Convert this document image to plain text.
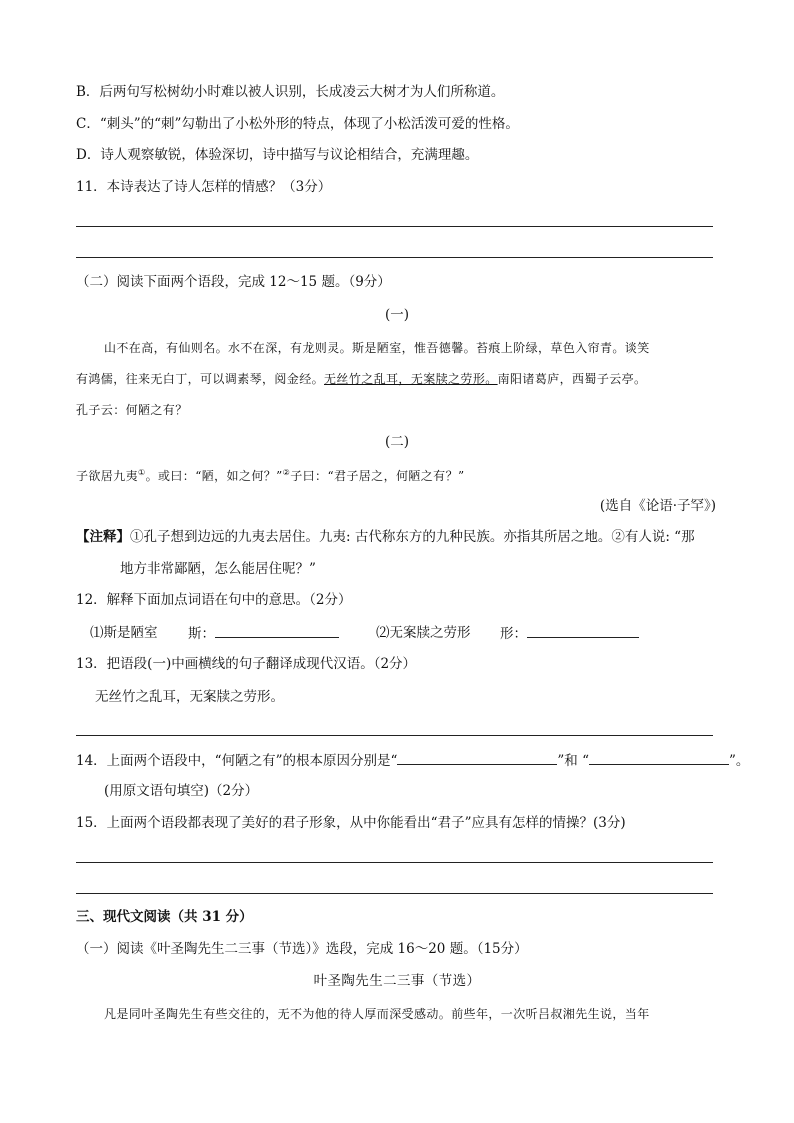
B．后两句写松树幼小时难以被人识别，长成凌云大树才为人们所称道。
C．“刺头”的“刺”勾勒出了小松外形的特点，体现了小松活泼可爱的性格。
D．诗人观察敏锐，体验深切，诗中描写与议论相结合，充满理趣。
11．本诗表达了诗人怎样的情感？（3分）
（二）阅读下面两个语段，完成 12～15 题。（9分）
(一)
山不在高，有仙则名。水不在深，有龙则灵。斯是陋室，惟吾德馨。苔痕上阶绿，草色入帘青。谈笑
有鸿儒，往来无白丁，可以调素琴，阅金经。无丝竹之乱耳，无案牍之劳形。南阳诸葛庐，西蜀子云亭。
孔子云：何陋之有？
(二)
子欲居九夷①。或曰：“陋，如之何？”②子曰：“君子居之，何陋之有？”
(选自《论语·子罕》)
【注释】①孔子想到边远的九夷去居住。九夷: 古代称东方的九种民族。亦指其所居之地。②有人说: “那
地方非常鄙陋，怎么能居住呢？”
12．解释下面加点词语在句中的意思。（2分）
⑴斯是陋室 斯：	⑵无案牍之劳形 形：
13．把语段(一)中画横线的句子翻译成现代汉语。（2分）
无丝竹之乱耳，无案牍之劳形。
14．上面两个语段中，“何陋之有”的根本原因分别是“	”和 “	”。
(用原文语句填空)（2分）
15．上面两个语段都表现了美好的君子形象，从中你能看出“君子”应具有怎样的情操？(3分)
三、现代文阅读（共 31 分）
（一）阅读《叶圣陶先生二三事（节选）》选段，完成 16～20 题。（15分）
叶圣陶先生二三事（节选）
凡是同叶圣陶先生有些交往的，无不为他的待人厚而深受感动。前些年，一次听吕叔湘先生说，当年
